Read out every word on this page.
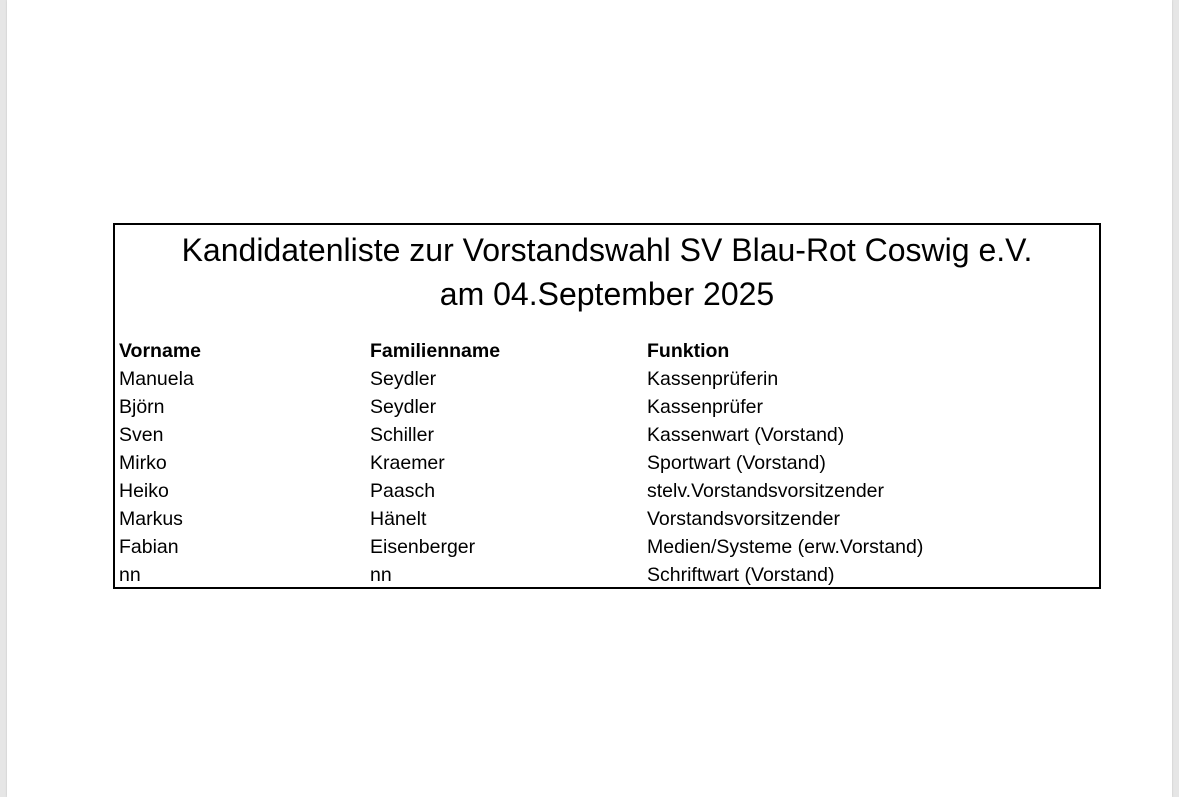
Kandidatenliste zur Vorstandswahl SV Blau-Rot Coswig e.V.
am 04.September 2025
Vorname	Familienname	Funktion
Manuela	Seydler	Kassenprüferin
Björn	Seydler	Kassenprüfer
Sven	Schiller	Kassenwart (Vorstand)
Mirko	Kraemer	Sportwart (Vorstand)
Heiko	Paasch	stelv.Vorstandsvorsitzender
Markus	Hänelt	Vorstandsvorsitzender
Fabian	Eisenberger	Medien/Systeme (erw.Vorstand)
nn	nn	Schriftwart (Vorstand)
